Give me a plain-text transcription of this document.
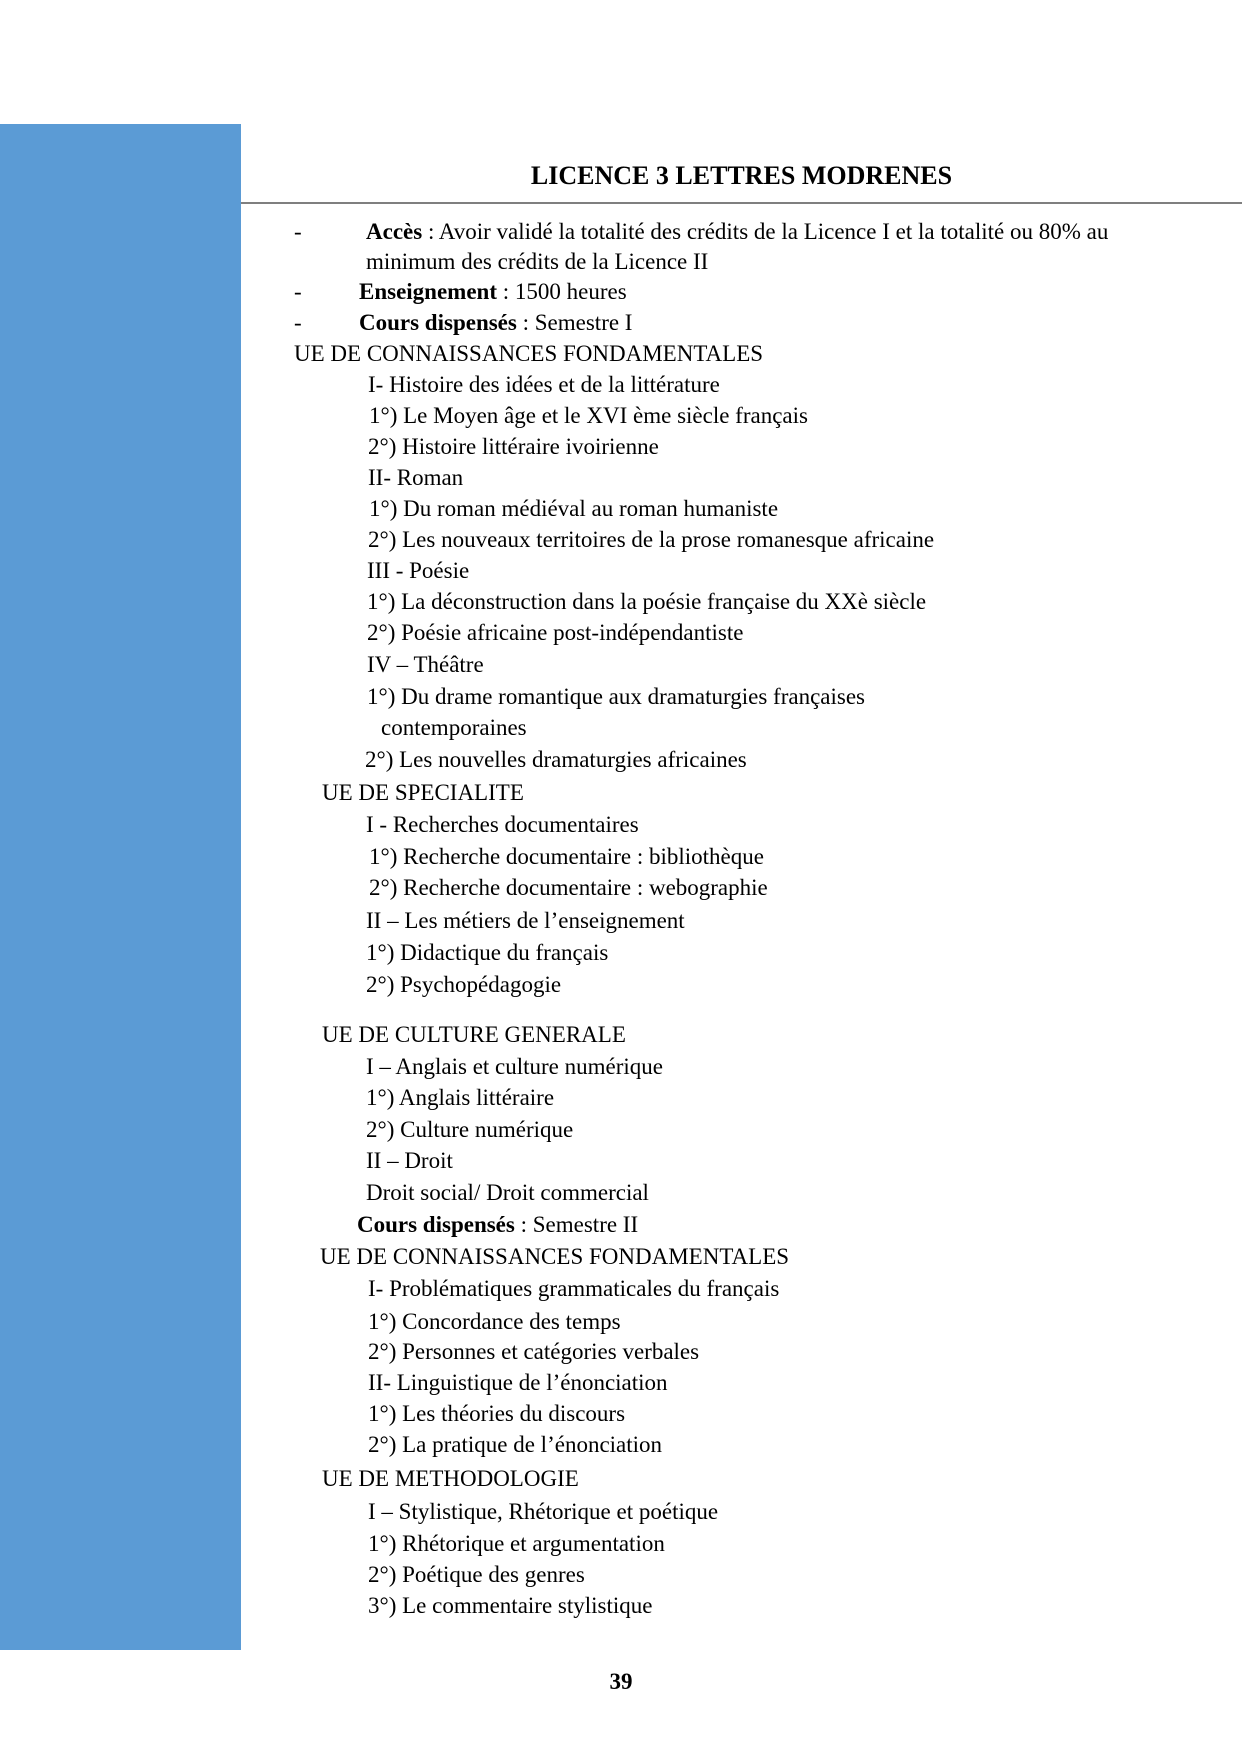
LICENCE 3 LETTRES MODRENES
-	Accès : Avoir validé la totalité des crédits de la Licence I et la totalité ou 80% au
minimum des crédits de la Licence II
- Enseignement : 1500 heures
- Cours dispensés : Semestre I
UE DE CONNAISSANCES FONDAMENTALES
I- Histoire des idées et de la littérature
1°) Le Moyen âge et le XVI ème siècle français
2°) Histoire littéraire ivoirienne
II- Roman
1°) Du roman médiéval au roman humaniste
2°) Les nouveaux territoires de la prose romanesque africaine
III - Poésie
1°) La déconstruction dans la poésie française du XXè siècle
2°) Poésie africaine post-indépendantiste
IV – Théâtre
1°) Du drame romantique aux dramaturgies françaises
contemporaines
2°) Les nouvelles dramaturgies africaines
UE DE SPECIALITE
I - Recherches documentaires
1°) Recherche documentaire : bibliothèque
2°) Recherche documentaire : webographie
II – Les métiers de l’enseignement
1°) Didactique du français
2°) Psychopédagogie
UE DE CULTURE GENERALE
I – Anglais et culture numérique
1°) Anglais littéraire
2°) Culture numérique
II – Droit
Droit social/ Droit commercial
Cours dispensés : Semestre II
UE DE CONNAISSANCES FONDAMENTALES
I- Problématiques grammaticales du français
1°) Concordance des temps
2°) Personnes et catégories verbales
II- Linguistique de l’énonciation
1°) Les théories du discours
2°) La pratique de l’énonciation
UE DE METHODOLOGIE
I – Stylistique, Rhétorique et poétique
1°) Rhétorique et argumentation
2°) Poétique des genres
3°) Le commentaire stylistique
39
